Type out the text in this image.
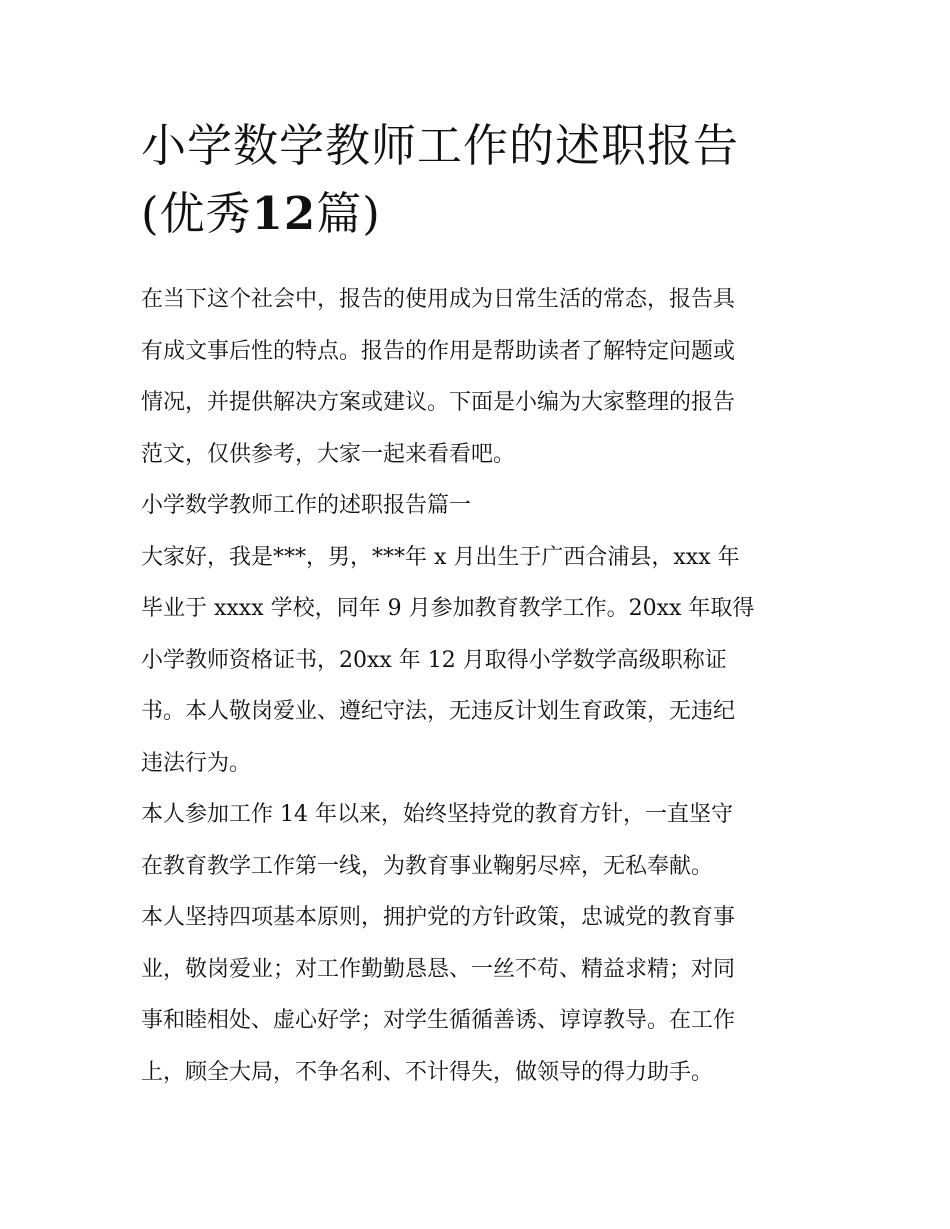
小学数学教师工作的述职报告
(优秀12篇)

在当下这个社会中，报告的使用成为日常生活的常态，报告具
有成文事后性的特点。报告的作用是帮助读者了解特定问题或
情况，并提供解决方案或建议。下面是小编为大家整理的报告
范文，仅供参考，大家一起来看看吧。

小学数学教师工作的述职报告篇一

大家好，我是***，男，***年 x 月出生于广西合浦县，xxx 年
毕业于 xxxx 学校，同年 9 月参加教育教学工作。20xx 年取得
小学教师资格证书，20xx 年 12 月取得小学数学高级职称证
书。本人敬岗爱业、遵纪守法，无违反计划生育政策，无违纪
违法行为。

本人参加工作 14 年以来，始终坚持党的教育方针，一直坚守
在教育教学工作第一线，为教育事业鞠躬尽瘁，无私奉献。

本人坚持四项基本原则，拥护党的方针政策，忠诚党的教育事
业，敬岗爱业；对工作勤勤恳恳、一丝不苟、精益求精；对同
事和睦相处、虚心好学；对学生循循善诱、谆谆教导。在工作
上，顾全大局，不争名利、不计得失，做领导的得力助手。
